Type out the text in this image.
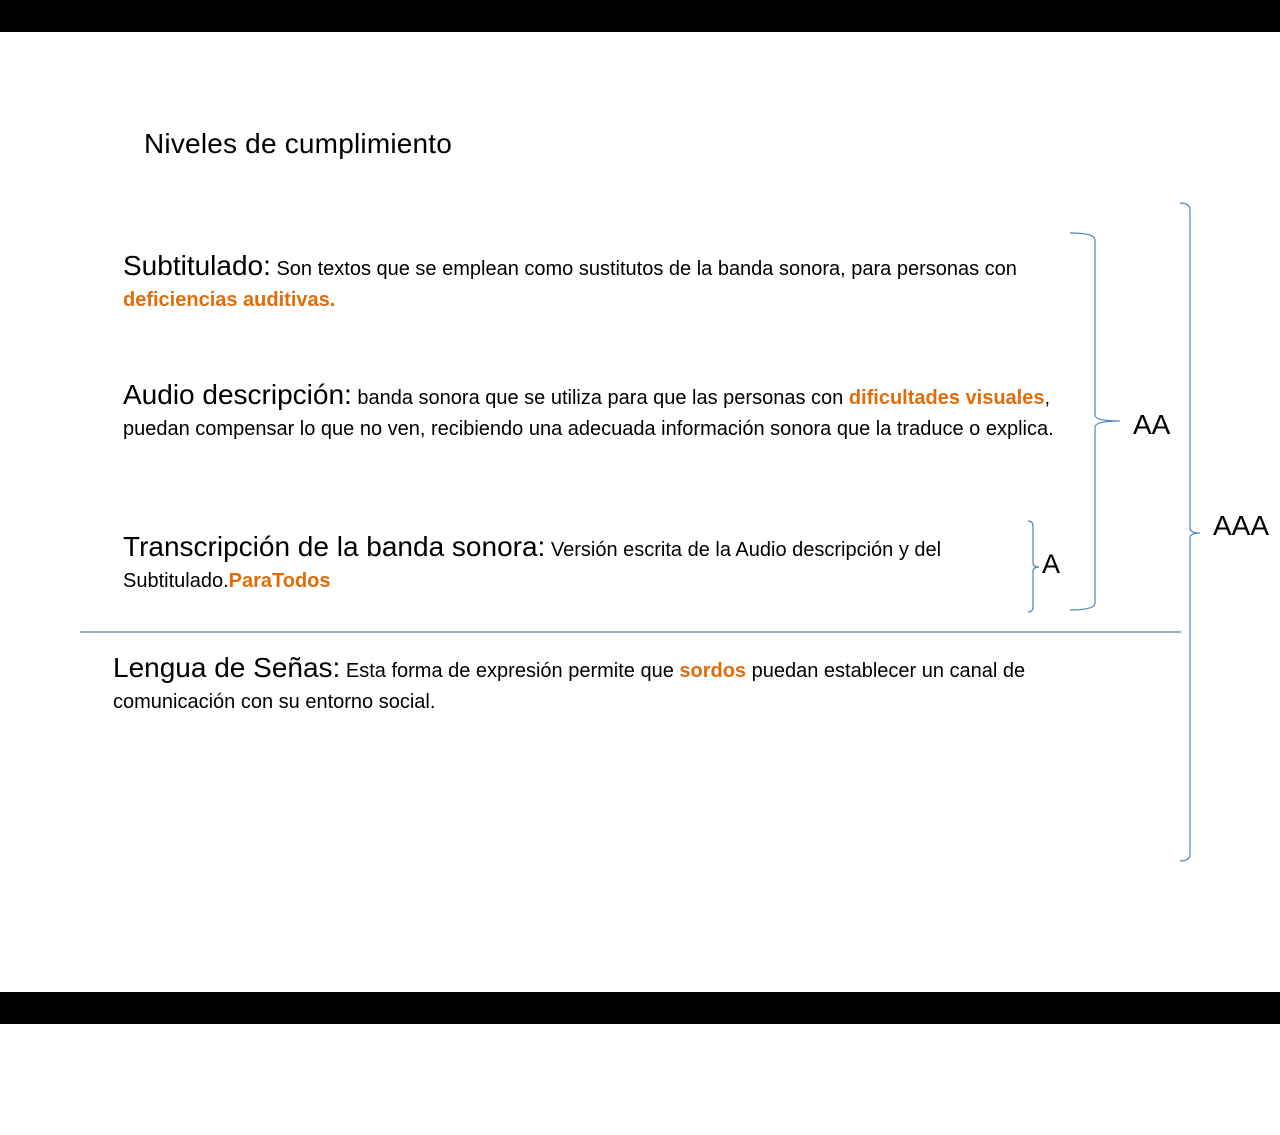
Niveles de cumplimiento
Subtitulado: Son textos que se emplean como sustitutos de la banda sonora, para personas con deficiencias auditivas.
Audio descripción: banda sonora que se utiliza para que las personas con dificultades visuales, puedan compensar lo que no ven, recibiendo una adecuada información sonora que la traduce o explica.
Transcripción de la banda sonora: Versión escrita de la Audio descripción y del Subtitulado.ParaTodos
Lengua de Señas: Esta forma de expresión permite que sordos puedan establecer un canal de comunicación con su entorno social.
AA
AAA
A
